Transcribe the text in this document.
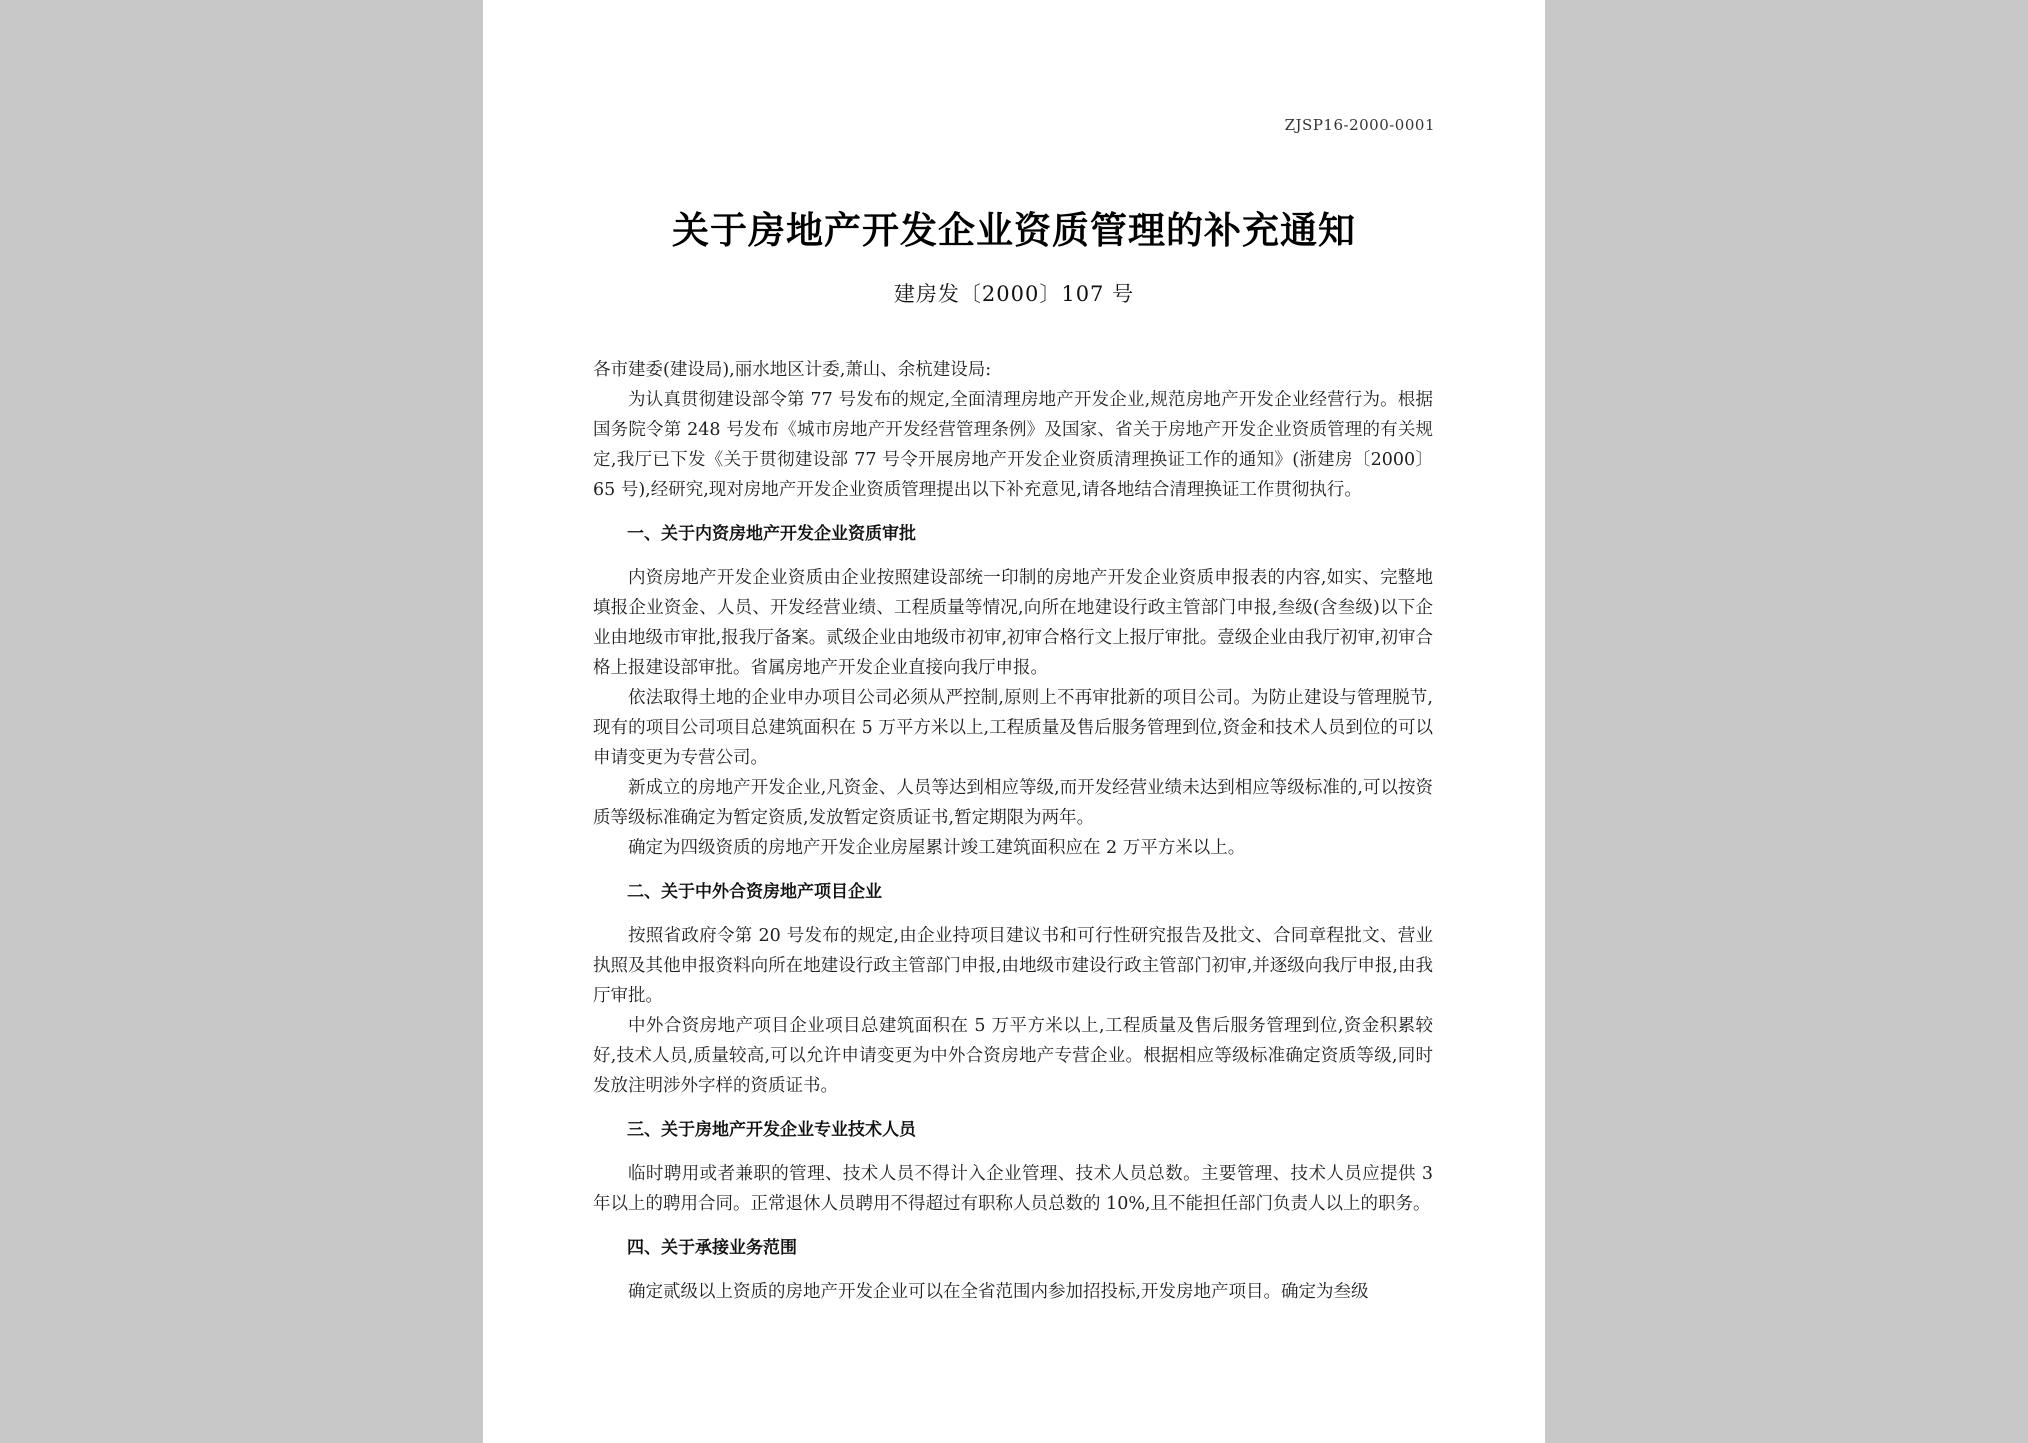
ZJSP16-2000-0001
关于房地产开发企业资质管理的补充通知
建房发〔2000〕107 号

各市建委(建设局),丽水地区计委,萧山、余杭建设局:

为认真贯彻建设部令第 77 号发布的规定,全面清理房地产开发企业,规范房地产开发企业经营行为。根据国务院令第 248 号发布《城市房地产开发经营管理条例》及国家、省关于房地产开发企业资质管理的有关规定,我厅已下发《关于贯彻建设部 77 号令开展房地产开发企业资质清理换证工作的通知》(浙建房〔2000〕65 号),经研究,现对房地产开发企业资质管理提出以下补充意见,请各地结合清理换证工作贯彻执行。

一、关于内资房地产开发企业资质审批

内资房地产开发企业资质由企业按照建设部统一印制的房地产开发企业资质申报表的内容,如实、完整地填报企业资金、人员、开发经营业绩、工程质量等情况,向所在地建设行政主管部门申报,叁级(含叁级)以下企业由地级市审批,报我厅备案。贰级企业由地级市初审,初审合格行文上报厅审批。壹级企业由我厅初审,初审合格上报建设部审批。省属房地产开发企业直接向我厅申报。

依法取得土地的企业申办项目公司必须从严控制,原则上不再审批新的项目公司。为防止建设与管理脱节,现有的项目公司项目总建筑面积在 5 万平方米以上,工程质量及售后服务管理到位,资金和技术人员到位的可以申请变更为专营公司。

新成立的房地产开发企业,凡资金、人员等达到相应等级,而开发经营业绩未达到相应等级标准的,可以按资质等级标准确定为暂定资质,发放暂定资质证书,暂定期限为两年。

确定为四级资质的房地产开发企业房屋累计竣工建筑面积应在 2 万平方米以上。

二、关于中外合资房地产项目企业

按照省政府令第 20 号发布的规定,由企业持项目建议书和可行性研究报告及批文、合同章程批文、营业执照及其他申报资料向所在地建设行政主管部门申报,由地级市建设行政主管部门初审,并逐级向我厅申报,由我厅审批。

中外合资房地产项目企业项目总建筑面积在 5 万平方米以上,工程质量及售后服务管理到位,资金积累较好,技术人员,质量较高,可以允许申请变更为中外合资房地产专营企业。根据相应等级标准确定资质等级,同时发放注明涉外字样的资质证书。

三、关于房地产开发企业专业技术人员

临时聘用或者兼职的管理、技术人员不得计入企业管理、技术人员总数。主要管理、技术人员应提供 3 年以上的聘用合同。正常退休人员聘用不得超过有职称人员总数的 10%,且不能担任部门负责人以上的职务。

四、关于承接业务范围

确定贰级以上资质的房地产开发企业可以在全省范围内参加招投标,开发房地产项目。确定为叁级
